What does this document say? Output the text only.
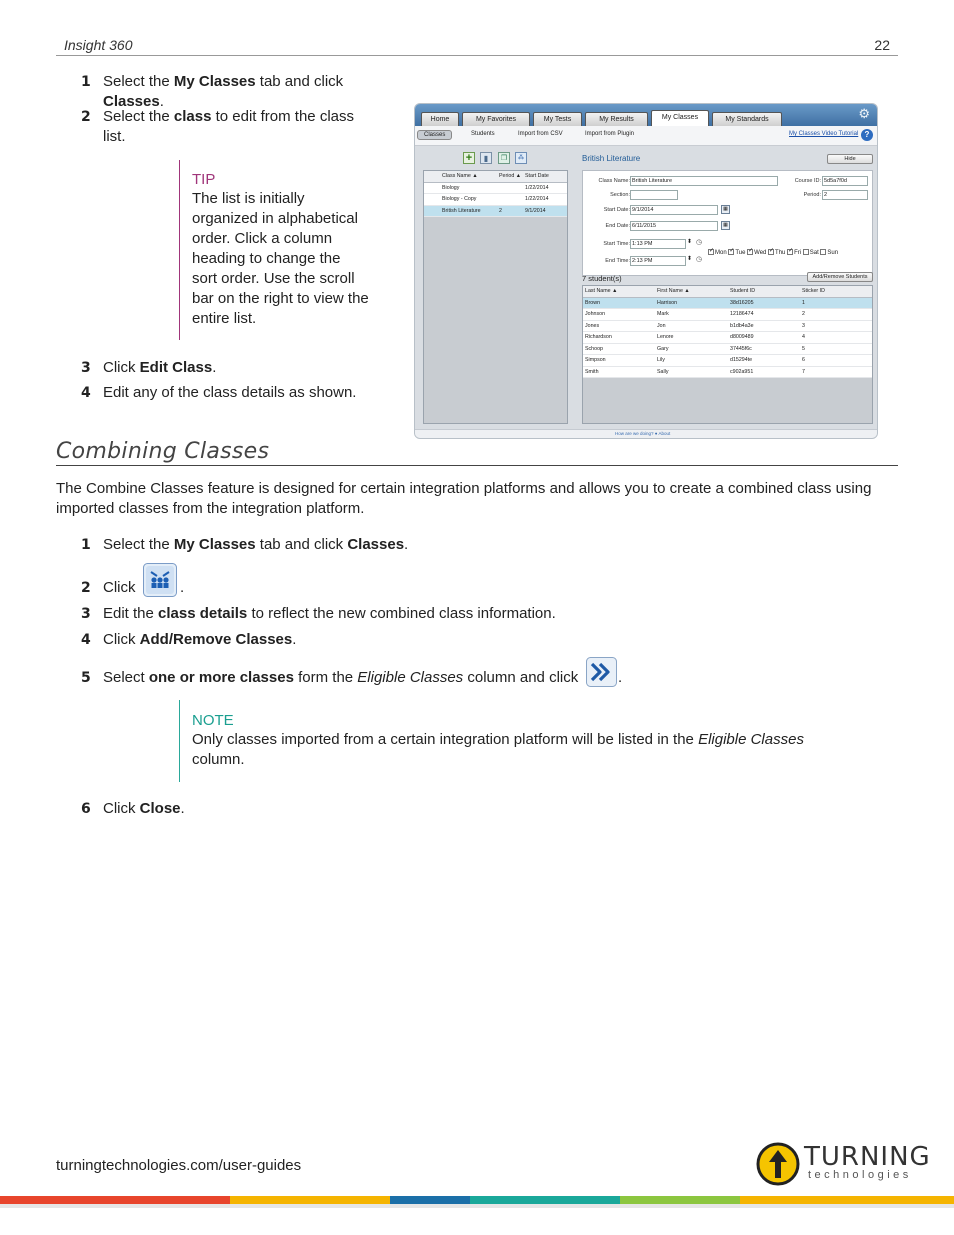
Insight 360	22
1 Select the My Classes tab and click Classes.
2 Select the class to edit from the class list.
TIP
The list is initially organized in alphabetical order. Click a column heading to change the sort order. Use the scroll bar on the right to view the entire list.
3 Click Edit Class.
4 Edit any of the class details as shown.
Home	My Favorites	My Tests	My Results	My Classes	My Standards	⚙
Classes	Students	Import from CSV	Import from Plugin	My Classes Video Tutorial ?
+	▮	❐	⁂
Class Name ▲	Period ▲ Start Date
Biology	1/22/2014
Biology - Copy	1/22/2014
British Literature	2	9/1/2014
British Literature	Hide
Class Name: British Literature	Course ID: 5d5a7f0d
Section:	Period: 2
Start Date: 9/1/2014	▦
End Date: 6/11/2015	▦
Start Time: 1:13 PM	⬍ ◷
End Time: 2:13 PM	⬍ ◷
✓Mon ✓ Tue ✓ Wed ✓ Thu ✓ Fri Sat Sun
7 student(s)	Add/Remove Students
Last Name ▲	First Name ▲	Student ID	Sticker ID
Brown	Harrison	38d16205	1
Johnson	Mark	12186474	2
Jones	Jon	b1db4a3e	3
Richardson	Lenore	d8009489	4
Schoop	Gary	37445f6c	5
Simpson	Lily	d15294te	6
Smith	Sally	c902a951	7
How are we doing? ● About
Combining Classes
The Combine Classes feature is designed for certain integration platforms and allows you to create a combined class using imported classes from the integration platform.
1 Select the My Classes tab and click Classes.
2 Click	.
3 Edit the class details to reflect the new combined class information.
4 Click Add/Remove Classes.
5 Select one or more classes form the Eligible Classes column and click	.
NOTE
Only classes imported from a certain integration platform will be listed in the Eligible Classes column.
6 Click Close.
turningtechnologies.com/user-guides	TURNING
technologies
